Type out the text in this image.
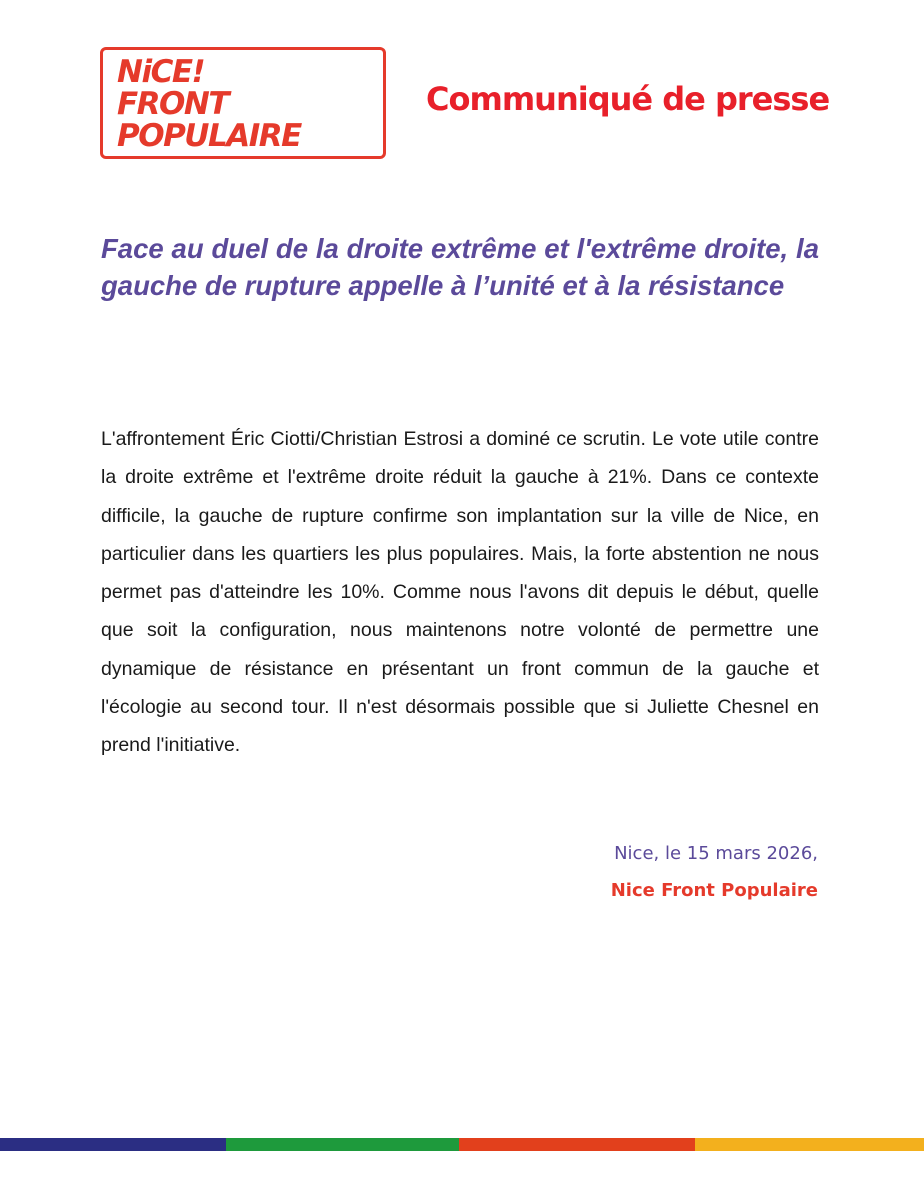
NiCE!
FRONT
POPULAIRE
Communiqué de presse
Face au duel de la droite extrême et l'extrême droite, la gauche de rupture appelle à l’unité et à la résistance

L'affrontement Éric Ciotti/Christian Estrosi a dominé ce scrutin. Le vote utile contre la droite extrême et l'extrême droite réduit la gauche à 21%. Dans ce contexte difficile, la gauche de rupture confirme son implantation sur la ville de Nice, en particulier dans les quartiers les plus populaires. Mais, la forte abstention ne nous permet pas d'atteindre les 10%. Comme nous l'avons dit depuis le début, quelle que soit la configuration, nous maintenons notre volonté de permettre une dynamique de résistance en présentant un front commun de la gauche et l'écologie au second tour. Il n'est désormais possible que si Juliette Chesnel en prend l'initiative.

Nice, le 15 mars 2026,
Nice Front Populaire
